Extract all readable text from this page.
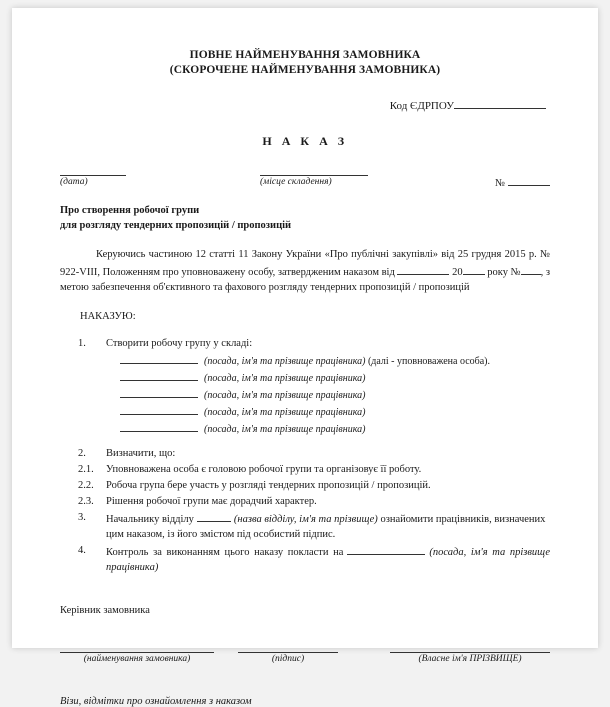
ПОВНЕ НАЙМЕНУВАННЯ ЗАМОВНИКА
(СКОРОЧЕНЕ НАЙМЕНУВАННЯ ЗАМОВНИКА)
Код ЄДРПОУ
Н А К А З
(дата)	(місце складення)	№
Про створення робочої групи
для розгляду тендерних пропозицій / пропозицій
Керуючись частиною 12 статті 11 Закону України «Про публічні закупівлі» від 25 грудня 2015 р. № 922-VIII, Положенням про уповноважену особу, затвердженим наказом від	20 року № , з метою забезпечення об'єктивного та фахового розгляду тендерних пропозицій / пропозицій
НАКАЗУЮ:
1.	Створити робочу групу у складі:
(посада, ім'я та прізвище працівника) (далі - уповноважена особа).
(посада, ім'я та прізвище працівника)
(посада, ім'я та прізвище працівника)
(посада, ім'я та прізвище працівника)
(посада, ім'я та прізвище працівника)
2.	Визначити, що:
2.1.	Уповноважена особа є головою робочої групи та організовує її роботу.
2.2.	Робоча група бере участь у розгляді тендерних пропозицій / пропозицій.
2.3.	Рішення робочої групи має дорадчий характер.
3.	Начальнику відділу	(назва відділу, ім'я та прізвище) ознайомити працівників, визначених цим наказом, із його змістом під особистий підпис.
4.	Контроль за виконанням цього наказу покласти на	(посада, ім'я та прізвище працівника)
Керівник замовника
(найменування замовника)	(підпис)	(Власне ім'я ПРІЗВИЩЕ)
Візи, відмітки про ознайомлення з наказом
